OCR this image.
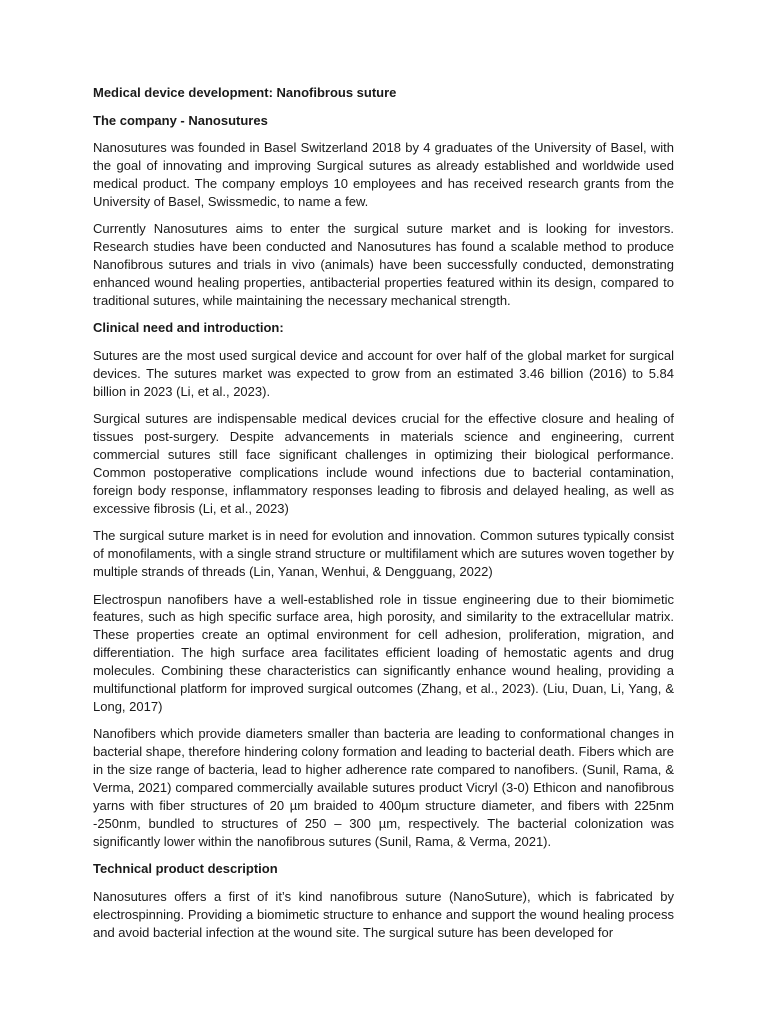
Medical device development: Nanofibrous suture
The company - Nanosutures
Nanosutures was founded in Basel Switzerland 2018 by 4 graduates of the University of Basel, with the goal of innovating and improving Surgical sutures as already established and worldwide used medical product. The company employs 10 employees and has received research grants from the University of Basel, Swissmedic, to name a few.
Currently Nanosutures aims to enter the surgical suture market and is looking for investors. Research studies have been conducted and Nanosutures has found a scalable method to produce Nanofibrous sutures and trials in vivo (animals) have been successfully conducted, demonstrating enhanced wound healing properties, antibacterial properties featured within its design, compared to traditional sutures, while maintaining the necessary mechanical strength.
Clinical need and introduction:
Sutures are the most used surgical device and account for over half of the global market for surgical devices. The sutures market was expected to grow from an estimated 3.46 billion (2016) to 5.84 billion in 2023 (Li, et al., 2023).
Surgical sutures are indispensable medical devices crucial for the effective closure and healing of tissues post-surgery. Despite advancements in materials science and engineering, current commercial sutures still face significant challenges in optimizing their biological performance. Common postoperative complications include wound infections due to bacterial contamination, foreign body response, inflammatory responses leading to fibrosis and delayed healing, as well as excessive fibrosis (Li, et al., 2023)
The surgical suture market is in need for evolution and innovation. Common sutures typically consist of monofilaments, with a single strand structure or multifilament which are sutures woven together by multiple strands of threads (Lin, Yanan, Wenhui, & Dengguang, 2022)
Electrospun nanofibers have a well-established role in tissue engineering due to their biomimetic features, such as high specific surface area, high porosity, and similarity to the extracellular matrix. These properties create an optimal environment for cell adhesion, proliferation, migration, and differentiation. The high surface area facilitates efficient loading of hemostatic agents and drug molecules. Combining these characteristics can significantly enhance wound healing, providing a multifunctional platform for improved surgical outcomes (Zhang, et al., 2023). (Liu, Duan, Li, Yang, & Long, 2017)
Nanofibers which provide diameters smaller than bacteria are leading to conformational changes in bacterial shape, therefore hindering colony formation and leading to bacterial death. Fibers which are in the size range of bacteria, lead to higher adherence rate compared to nanofibers. (Sunil, Rama, & Verma, 2021) compared commercially available sutures product Vicryl (3-0) Ethicon and nanofibrous yarns with fiber structures of 20 µm braided to 400µm structure diameter, and fibers with 225nm -250nm, bundled to structures of 250 – 300 µm, respectively. The bacterial colonization was significantly lower within the nanofibrous sutures (Sunil, Rama, & Verma, 2021).
Technical product description
Nanosutures offers a first of it’s kind nanofibrous suture (NanoSuture), which is fabricated by electrospinning. Providing a biomimetic structure to enhance and support the wound healing process and avoid bacterial infection at the wound site. The surgical suture has been developed for
